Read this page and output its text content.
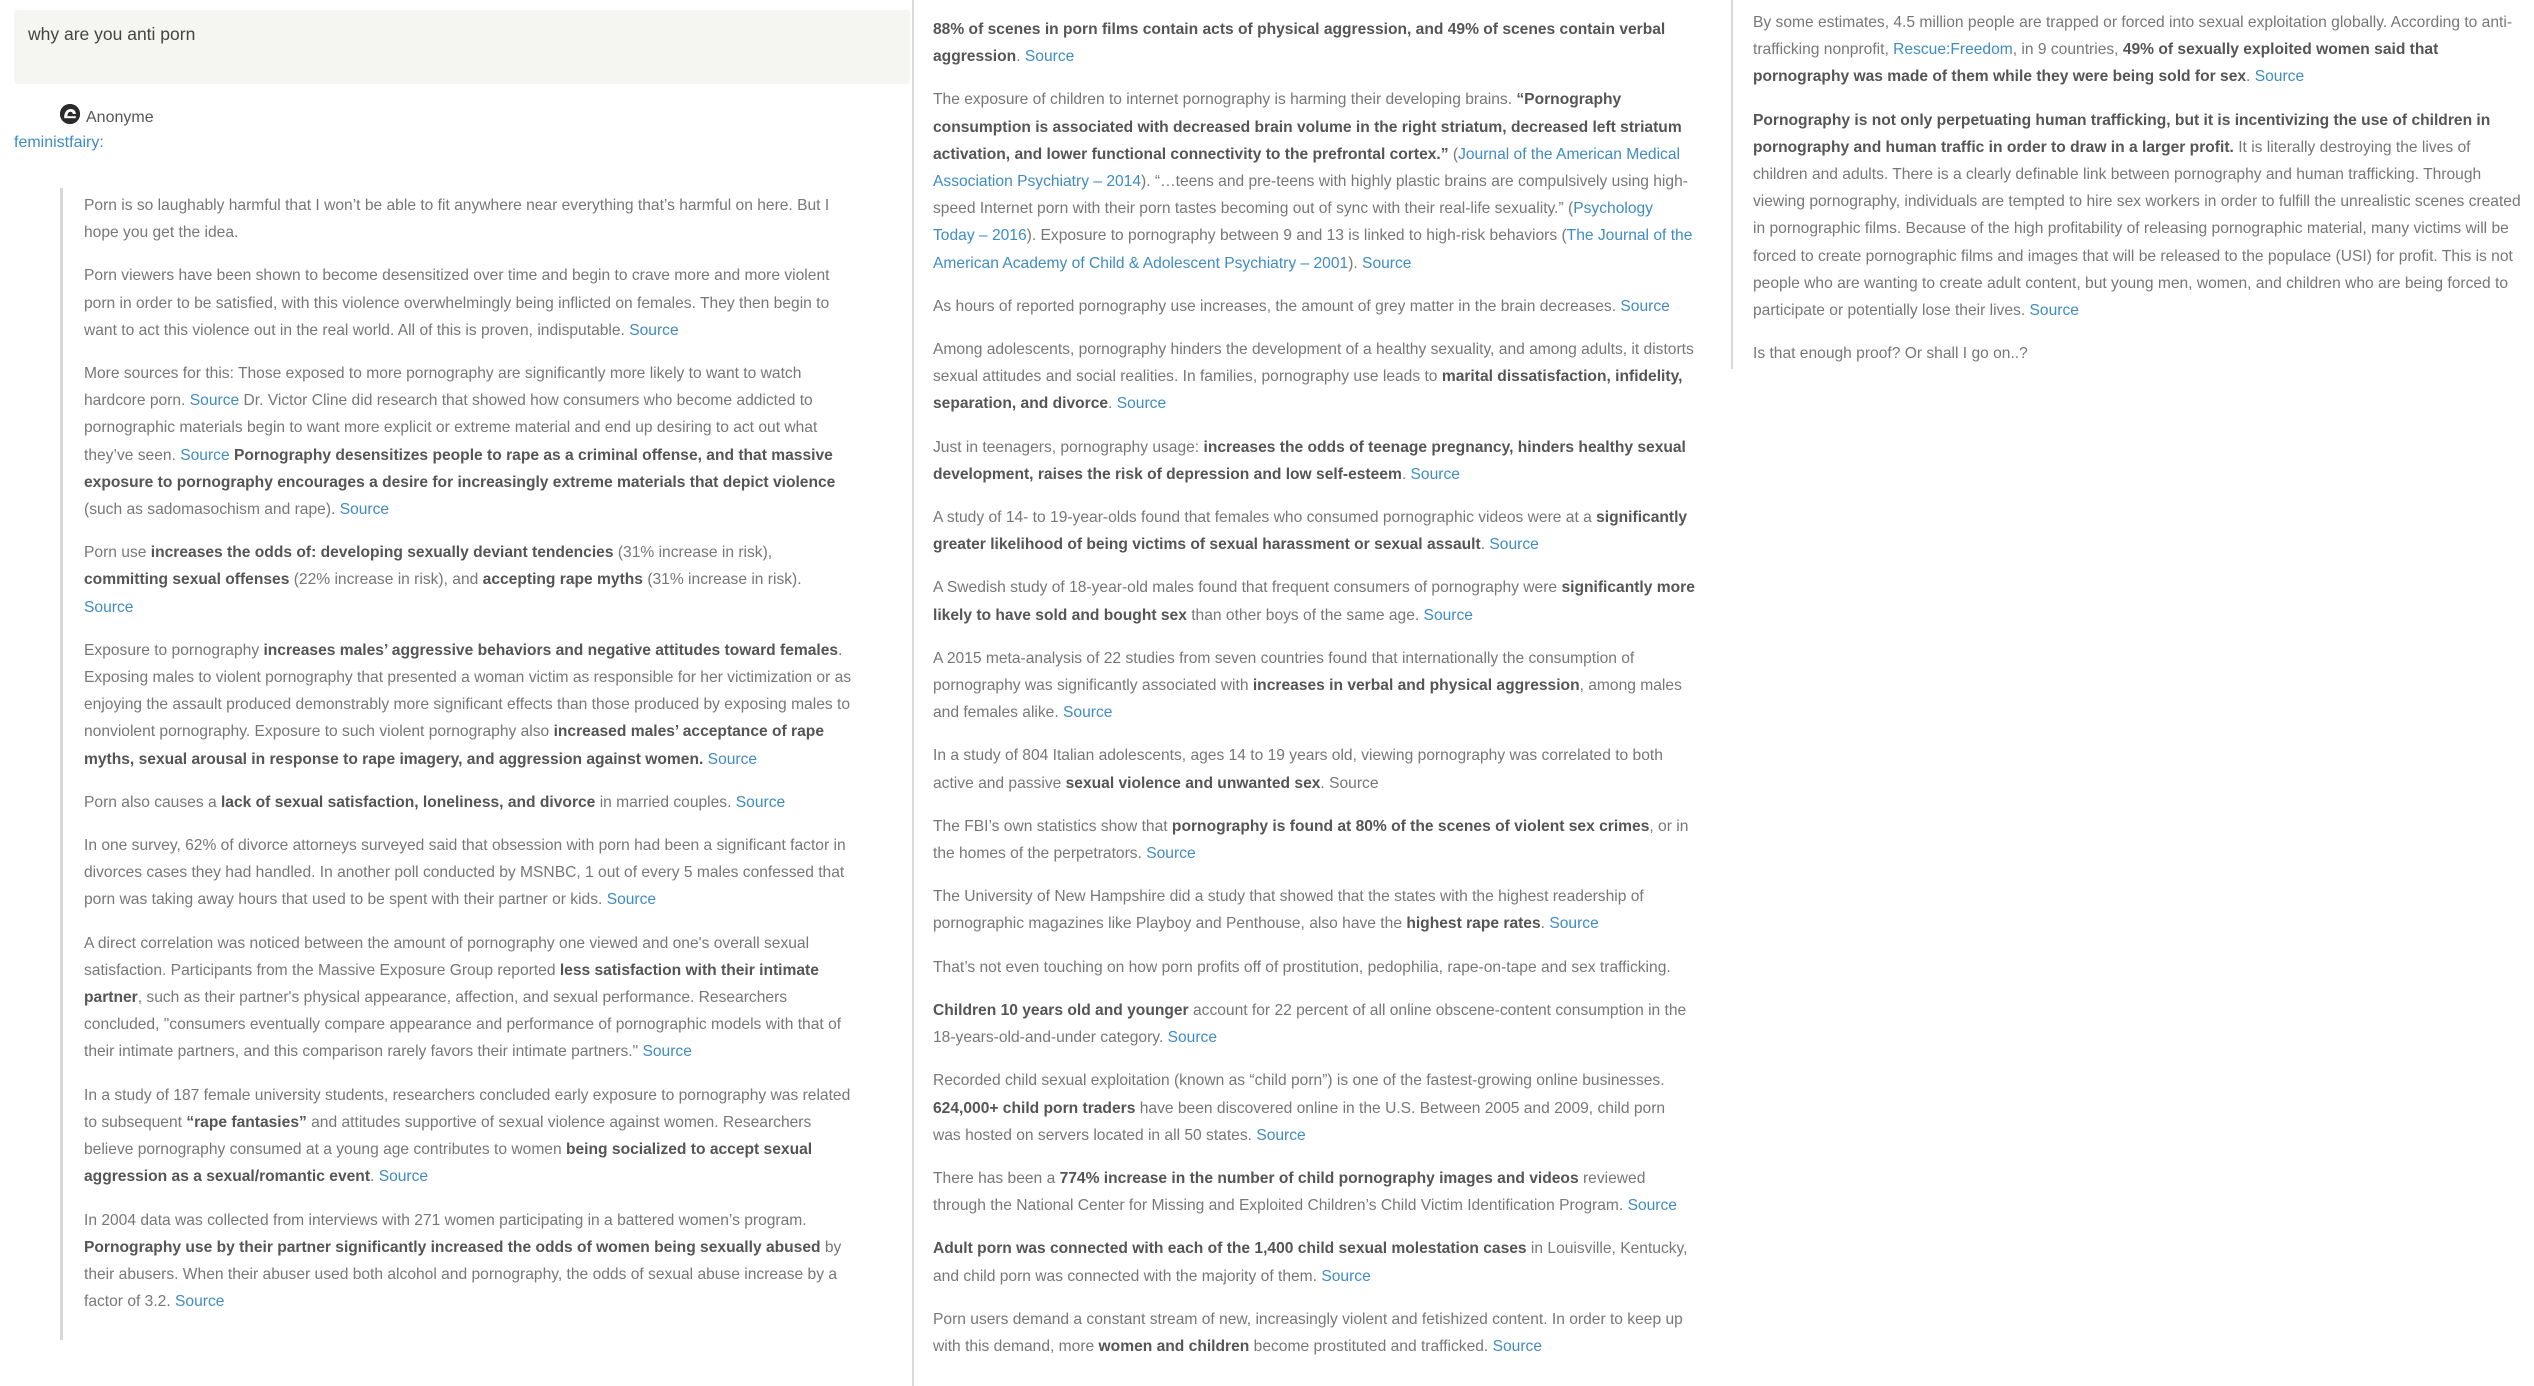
why are you anti porn
Anonyme
feministfairy:

Porn is so laughably harmful that I won’t be able to fit anywhere near everything that’s harmful on here. But I hope you get the idea.

Porn viewers have been shown to become desensitized over time and begin to crave more and more violent porn in order to be satisfied, with this violence overwhelmingly being inflicted on females. They then begin to want to act this violence out in the real world. All of this is proven, indisputable. Source

More sources for this: Those exposed to more pornography are significantly more likely to want to watch hardcore porn. Source Dr. Victor Cline did research that showed how consumers who become addicted to pornographic materials begin to want more explicit or extreme material and end up desiring to act out what they’ve seen. Source Pornography desensitizes people to rape as a criminal offense, and that massive exposure to pornography encourages a desire for increasingly extreme materials that depict violence (such as sadomasochism and rape). Source

Porn use increases the odds of: developing sexually deviant tendencies (31% increase in risk), committing sexual offenses (22% increase in risk), and accepting rape myths (31% increase in risk). Source

Exposure to pornography increases males’ aggressive behaviors and negative attitudes toward females. Exposing males to violent pornography that presented a woman victim as responsible for her victimization or as enjoying the assault produced demonstrably more significant effects than those produced by exposing males to nonviolent pornography. Exposure to such violent pornography also increased males’ acceptance of rape myths, sexual arousal in response to rape imagery, and aggression against women. Source

Porn also causes a lack of sexual satisfaction, loneliness, and divorce in married couples. Source

In one survey, 62% of divorce attorneys surveyed said that obsession with porn had been a significant factor in divorces cases they had handled. In another poll conducted by MSNBC, 1 out of every 5 males confessed that porn was taking away hours that used to be spent with their partner or kids. Source

A direct correlation was noticed between the amount of pornography one viewed and one's overall sexual satisfaction. Participants from the Massive Exposure Group reported less satisfaction with their intimate partner, such as their partner's physical appearance, affection, and sexual performance. Researchers concluded, "consumers eventually compare appearance and performance of pornographic models with that of their intimate partners, and this comparison rarely favors their intimate partners." Source

In a study of 187 female university students, researchers concluded early exposure to pornography was related to subsequent “rape fantasies” and attitudes supportive of sexual violence against women. Researchers believe pornography consumed at a young age contributes to women being socialized to accept sexual aggression as a sexual/romantic event. Source

In 2004 data was collected from interviews with 271 women participating in a battered women’s program. Pornography use by their partner significantly increased the odds of women being sexually abused by their abusers. When their abuser used both alcohol and pornography, the odds of sexual abuse increase by a factor of 3.2. Source

88% of scenes in porn films contain acts of physical aggression, and 49% of scenes contain verbal aggression. Source

The exposure of children to internet pornography is harming their developing brains. “Pornography consumption is associated with decreased brain volume in the right striatum, decreased left striatum activation, and lower functional connectivity to the prefrontal cortex.” (Journal of the American Medical Association Psychiatry – 2014). “…teens and pre-teens with highly plastic brains are compulsively using high-speed Internet porn with their porn tastes becoming out of sync with their real-life sexuality.” (Psychology Today – 2016). Exposure to pornography between 9 and 13 is linked to high-risk behaviors (The Journal of the American Academy of Child & Adolescent Psychiatry – 2001). Source

As hours of reported pornography use increases, the amount of grey matter in the brain decreases. Source

Among adolescents, pornography hinders the development of a healthy sexuality, and among adults, it distorts sexual attitudes and social realities. In families, pornography use leads to marital dissatisfaction, infidelity, separation, and divorce. Source

Just in teenagers, pornography usage: increases the odds of teenage pregnancy, hinders healthy sexual development, raises the risk of depression and low self-esteem. Source

A study of 14- to 19-year-olds found that females who consumed pornographic videos were at a significantly greater likelihood of being victims of sexual harassment or sexual assault. Source

A Swedish study of 18-year-old males found that frequent consumers of pornography were significantly more likely to have sold and bought sex than other boys of the same age. Source

A 2015 meta-analysis of 22 studies from seven countries found that internationally the consumption of pornography was significantly associated with increases in verbal and physical aggression, among males and females alike. Source

In a study of 804 Italian adolescents, ages 14 to 19 years old, viewing pornography was correlated to both active and passive sexual violence and unwanted sex. Source

The FBI’s own statistics show that pornography is found at 80% of the scenes of violent sex crimes, or in the homes of the perpetrators. Source

The University of New Hampshire did a study that showed that the states with the highest readership of pornographic magazines like Playboy and Penthouse, also have the highest rape rates. Source

That’s not even touching on how porn profits off of prostitution, pedophilia, rape-on-tape and sex trafficking.

Children 10 years old and younger account for 22 percent of all online obscene-content consumption in the 18-years-old-and-under category. Source

Recorded child sexual exploitation (known as “child porn”) is one of the fastest-growing online businesses. 624,000+ child porn traders have been discovered online in the U.S. Between 2005 and 2009, child porn was hosted on servers located in all 50 states. Source

There has been a 774% increase in the number of child pornography images and videos reviewed through the National Center for Missing and Exploited Children’s Child Victim Identification Program. Source

Adult porn was connected with each of the 1,400 child sexual molestation cases in Louisville, Kentucky, and child porn was connected with the majority of them. Source

Porn users demand a constant stream of new, increasingly violent and fetishized content. In order to keep up with this demand, more women and children become prostituted and trafficked. Source

By some estimates, 4.5 million people are trapped or forced into sexual exploitation globally. According to anti-trafficking nonprofit, Rescue:Freedom, in 9 countries, 49% of sexually exploited women said that pornography was made of them while they were being sold for sex. Source

Pornography is not only perpetuating human trafficking, but it is incentivizing the use of children in pornography and human traffic in order to draw in a larger profit. It is literally destroying the lives of children and adults. There is a clearly definable link between pornography and human trafficking. Through viewing pornography, individuals are tempted to hire sex workers in order to fulfill the unrealistic scenes created in pornographic films. Because of the high profitability of releasing pornographic material, many victims will be forced to create pornographic films and images that will be released to the populace (USI) for profit. This is not people who are wanting to create adult content, but young men, women, and children who are being forced to participate or potentially lose their lives. Source

Is that enough proof? Or shall I go on..?
